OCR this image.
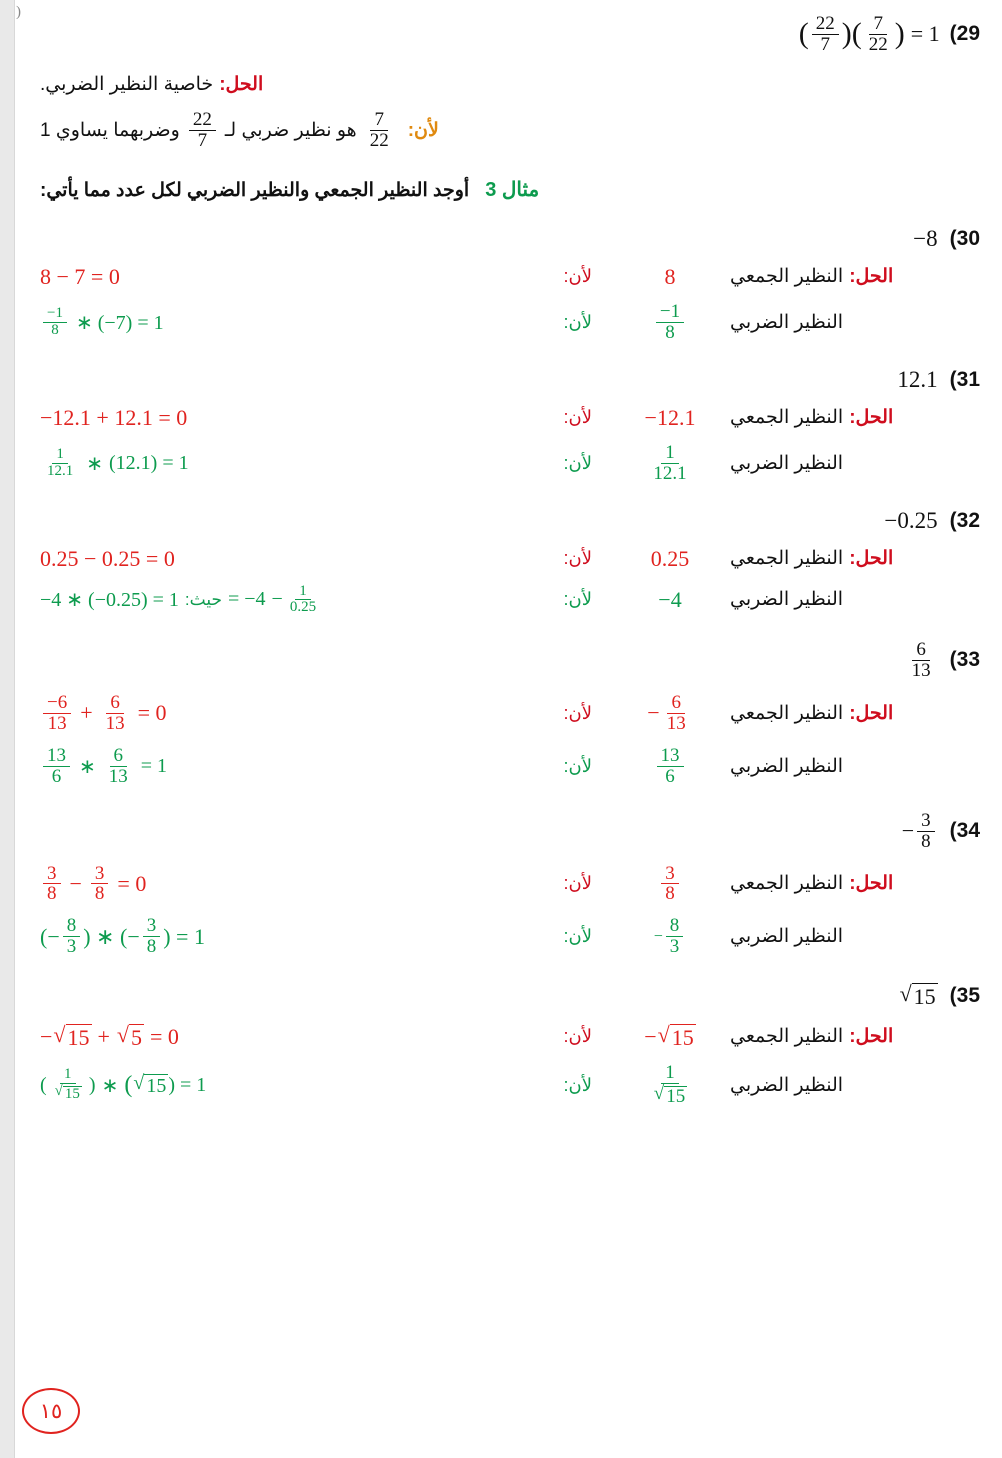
(
(29
( $\frac{22}{7}$ ) ( $\frac{7}{22}$ ) = 1
الحل:
خاصية النظير الضربي.
لأن:
$\frac{7}{22}$
هو نظير ضربي لـ
$\frac{22}{7}$
وضربهما يساوي 1
مثال 3
أوجد النظير الجمعي والنظير الضربي لكل عدد مما يأتي:
(30
−8
الحل:
النظير الجمعي
8
لأن:
8 − 7 = 0
النظير الضربي
$\frac{-1}{8}$
لأن:
$\frac{-1}{8}$ ∗ (−7) = 1
(31
12.1
الحل:
النظير الجمعي
−12.1
لأن:
−12.1 + 12.1 = 0
النظير الضربي
$\frac{1}{12.1}$
لأن:
$\frac{1}{12.1}$ ∗ (12.1) = 1
(32
−0.25
الحل:
النظير الجمعي
0.25
لأن:
0.25 − 0.25 = 0
النظير الضربي
−4
لأن:
−4 ∗ (−0.25) = 1 حيث: = $-4 - \frac{1}{0.25}$
(33
$\frac{6}{13}$
الحل:
النظير الجمعي
− $\frac{6}{13}$
لأن:
$\frac{-6}{13} + \frac{6}{13} = 0$
النظير الضربي
$\frac{13}{6}$
لأن:
$\frac{13}{6}$ ∗ $\frac{6}{13} = 1$
(34
− $\frac{3}{8}$
الحل:
النظير الجمعي
$\frac{3}{8}$
لأن:
$\frac{3}{8} - \frac{3}{8} = 0$
النظير الضربي
− $\frac{8}{3}$
لأن:
(− $\frac{8}{3}$ ) ∗ (− $\frac{3}{8}$ ) = 1
(35
√ 15
الحل:
النظير الجمعي
− √ 15
لأن:
− √ 15 + √ 5 = 0
النظير الضربي
$\frac{1}{√ 15}$
لأن:
( $\frac{1}{√ 15}$ ) ∗ ( √ 15 ) = 1
١٥
